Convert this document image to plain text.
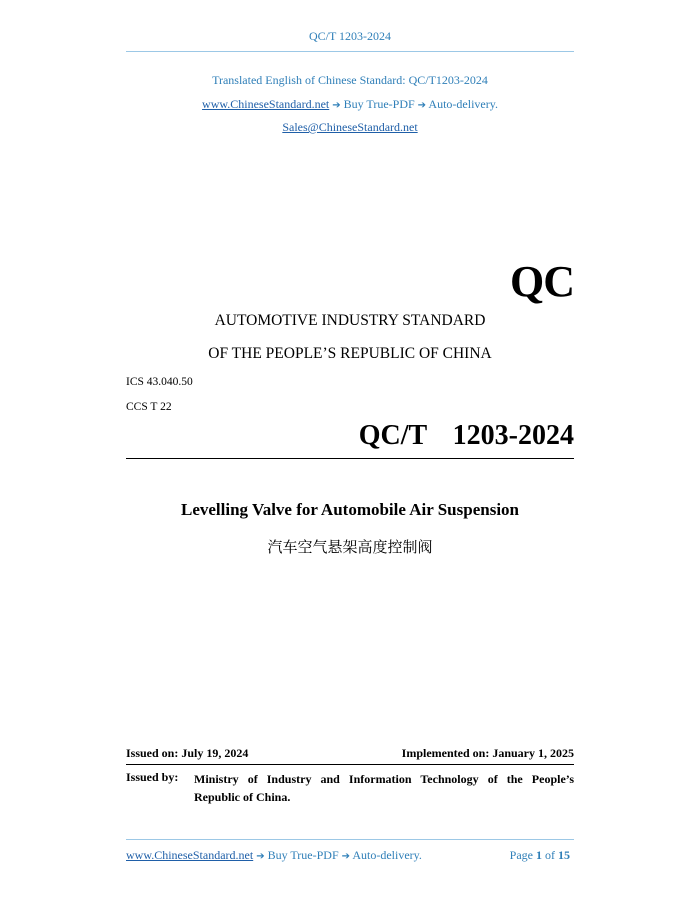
QC/T 1203-2024
Translated English of Chinese Standard: QC/T1203-2024
www.ChineseStandard.net ➔ Buy True-PDF ➔ Auto-delivery.
Sales@ChineseStandard.net
QC
AUTOMOTIVE INDUSTRY STANDARD
OF THE PEOPLE’S REPUBLIC OF CHINA
ICS 43.040.50
CCS T 22
QC/T  1203-2024
Levelling Valve for Automobile Air Suspension
汽车空气悬架高度控制阀
Issued on: July 19, 2024	Implemented on: January 1, 2025
Issued by: Ministry of Industry and Information Technology of the People’s
Republic of China.
www.ChineseStandard.net ➔ Buy True-PDF ➔ Auto-delivery.	Page 1 of 15
